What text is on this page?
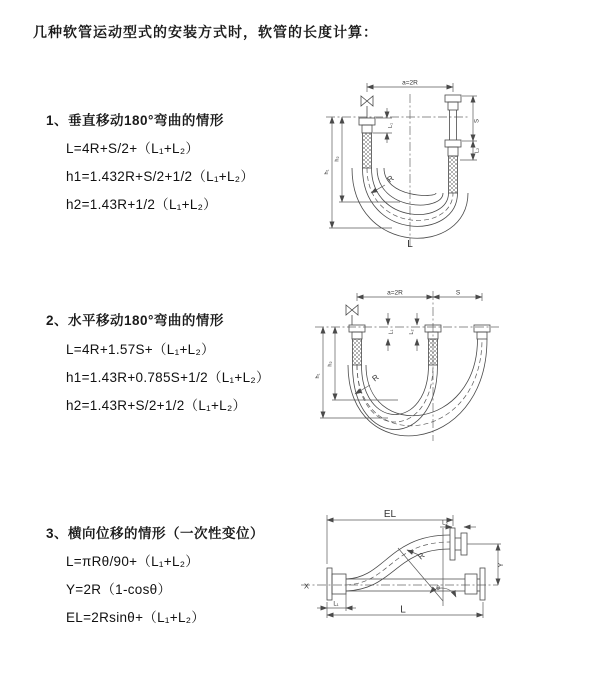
几种软管运动型式的安装方式时，软管的长度计算：
1、垂直移动180°弯曲的情形
L=4R+S/2+（L₁+L₂）
h1=1.432R+S/2+1/2（L₁+L₂）
h2=1.43R+1/2（L₁+L₂）
2、水平移动180°弯曲的情形
L=4R+1.57S+（L₁+L₂）
h1=1.43R+0.785S+1/2（L₁+L₂）
h2=1.43R+S/2+1/2（L₁+L₂）
3、横向位移的情形（一次性变位）
L=πRθ/90+（L₁+L₂）
Y=2R（1-cosθ）
EL=2Rsinθ+（L₁+L₂）
a=2R
S
L₂
L₁
h₁
h₂
R
L
a=2R	S
L₁	L₂
h₁
h₂
R
X
EL
L₂
Y
R
θ
L₁	L
